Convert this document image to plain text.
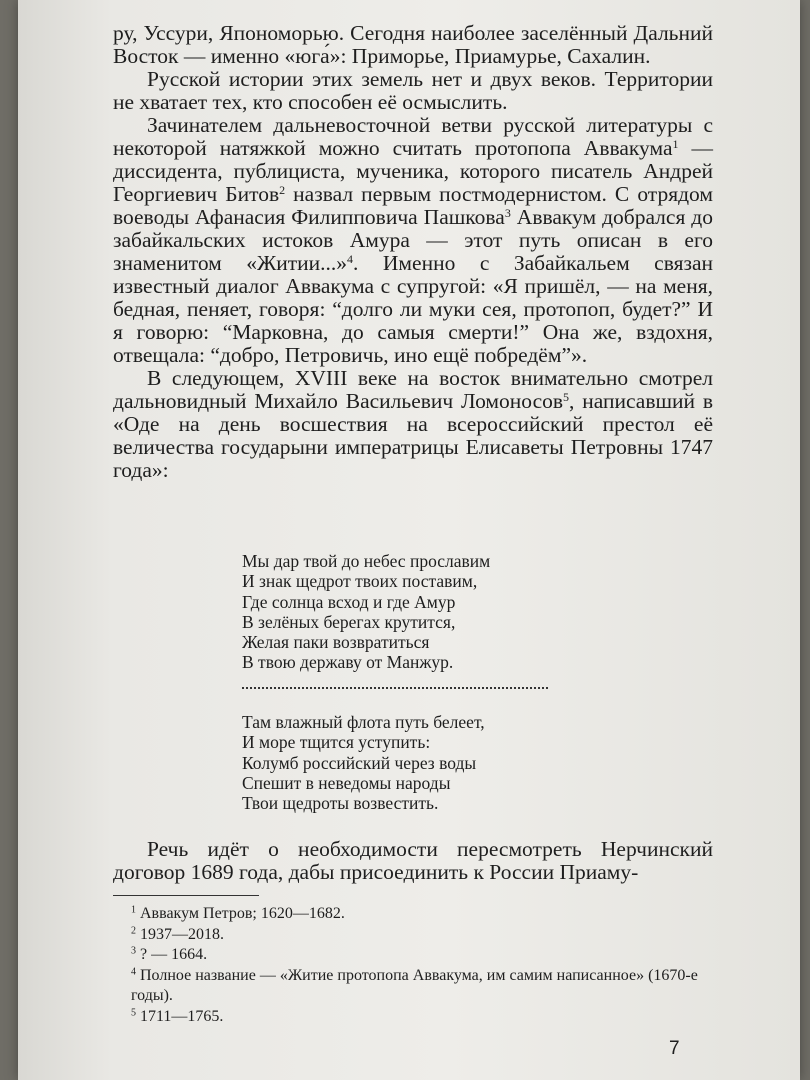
ру, Уссури, Япономорью. Сегодня наиболее заселённый Дальний Восток — именно «юга́»: Приморье, Приамурье, Сахалин.

Русской истории этих земель нет и двух веков. Территории не хватает тех, кто способен её осмыслить.

Зачинателем дальневосточной ветви русской литературы с некоторой натяжкой можно считать протопопа Аввакума$^1$ — диссидента, публициста, мученика, которого писатель Андрей Георгиевич Битов$^2$ назвал первым постмодернистом. С отрядом воеводы Афанасия Филипповича Пашкова$^3$ Аввакум добрался до забайкальских истоков Амура — этот путь описан в его знаменитом «Житии...»$^4$. Именно с Забайкальем связан известный диалог Аввакума с супругой: «Я пришёл, — на меня, бедная, пеняет, говоря: “долго ли муки сея, протопоп, будет?” И я говорю: “Марковна, до самыя смерти!” Она же, вздохня, отвещала: “добро, Петровичь, ино ещё побредём”».

В следующем, XVIII веке на восток внимательно смотрел дальновидный Михайло Васильевич Ломоносов$^5$, написавший в «Оде на день восшествия на всероссийский престол её величества государыни императрицы Елисаветы Петровны 1747 года»:

Мы дар твой до небес прославим
И знак щедрот твоих поставим,
Где солнца всход и где Амур
В зелёных берегах крутится,
Желая паки возвратиться
В твою державу от Манжур.
Там влажный флота путь белеет,
И море тщится уступить:
Колумб российский через воды
Спешит в неведомы народы
Твои щедроты возвестить.

Речь идёт о необходимости пересмотреть Нерчинский договор 1689 года, дабы присоединить к России Приаму-

$^1$ Аввакум Петров; 1620—1682.

$^2$ 1937—2018.

$^3$ ? — 1664.

$^4$ Полное название — «Житие протопопа Аввакума, им самим написанное» (1670-е годы).

$^5$ 1711—1765.

7
